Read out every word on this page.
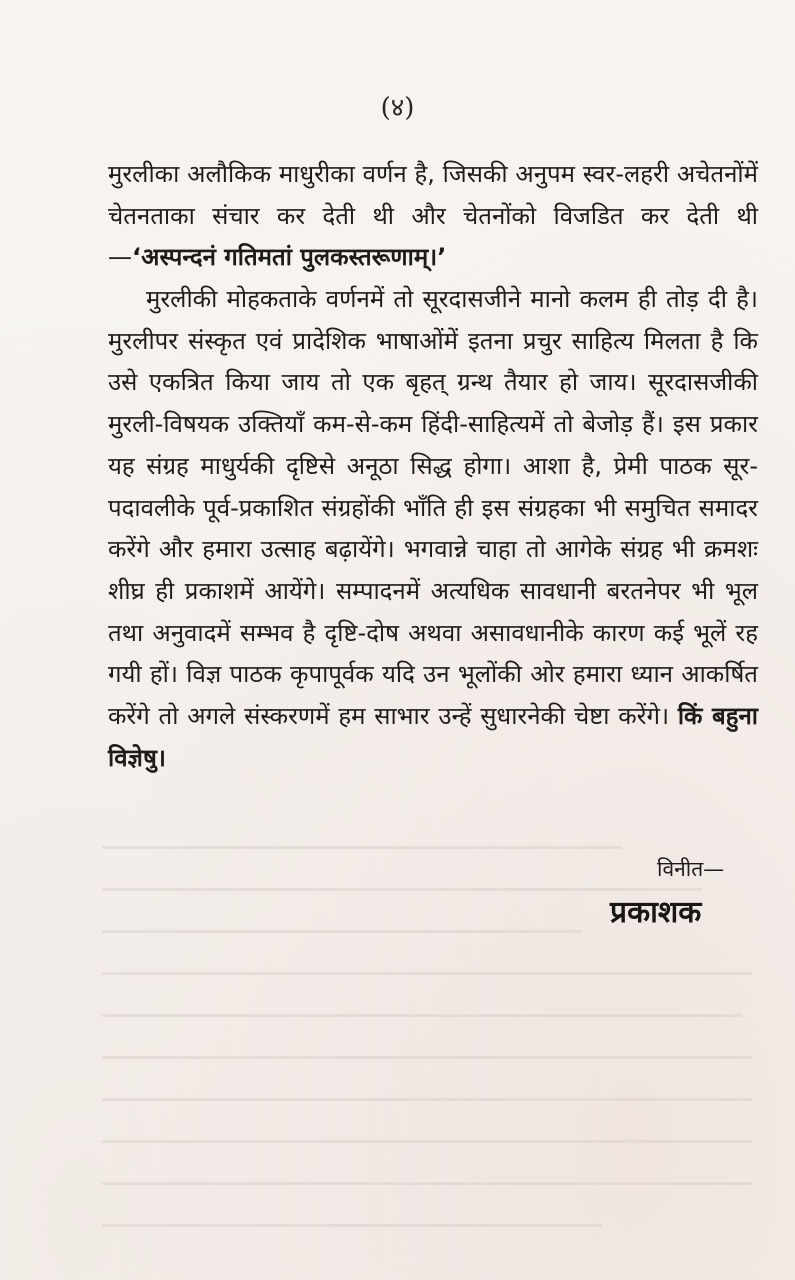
(४)

मुरलीका अलौकिक माधुरीका वर्णन है, जिसकी अनुपम स्वर-लहरी अचेतनोंमें चेतनताका संचार कर देती थी और चेतनोंको विजडित कर देती थी—‘अस्पन्दनं गतिमतां पुलकस्तरूणाम्।’

मुरलीकी मोहकताके वर्णनमें तो सूरदासजीने मानो कलम ही तोड़ दी है। मुरलीपर संस्कृत एवं प्रादेशिक भाषाओंमें इतना प्रचुर साहित्य मिलता है कि उसे एकत्रित किया जाय तो एक बृहत् ग्रन्थ तैयार हो जाय। सूरदासजीकी मुरली-विषयक उक्तियाँ कम-से-कम हिंदी-साहित्यमें तो बेजोड़ हैं। इस प्रकार यह संग्रह माधुर्यकी दृष्टिसे अनूठा सिद्ध होगा। आशा है, प्रेमी पाठक सूर-पदावलीके पूर्व-प्रकाशित संग्रहोंकी भाँति ही इस संग्रहका भी समुचित समादर करेंगे और हमारा उत्साह बढ़ायेंगे। भगवान्ने चाहा तो आगेके संग्रह भी क्रमशः शीघ्र ही प्रकाशमें आयेंगे। सम्पादनमें अत्यधिक सावधानी बरतनेपर भी भूल तथा अनुवादमें सम्भव है दृष्टि-दोष अथवा असावधानीके कारण कई भूलें रह गयी हों। विज्ञ पाठक कृपापूर्वक यदि उन भूलोंकी ओर हमारा ध्यान आकर्षित करेंगे तो अगले संस्करणमें हम साभार उन्हें सुधारनेकी चेष्टा करेंगे। किं बहुना विज्ञेषु।

विनीत—
प्रकाशक
